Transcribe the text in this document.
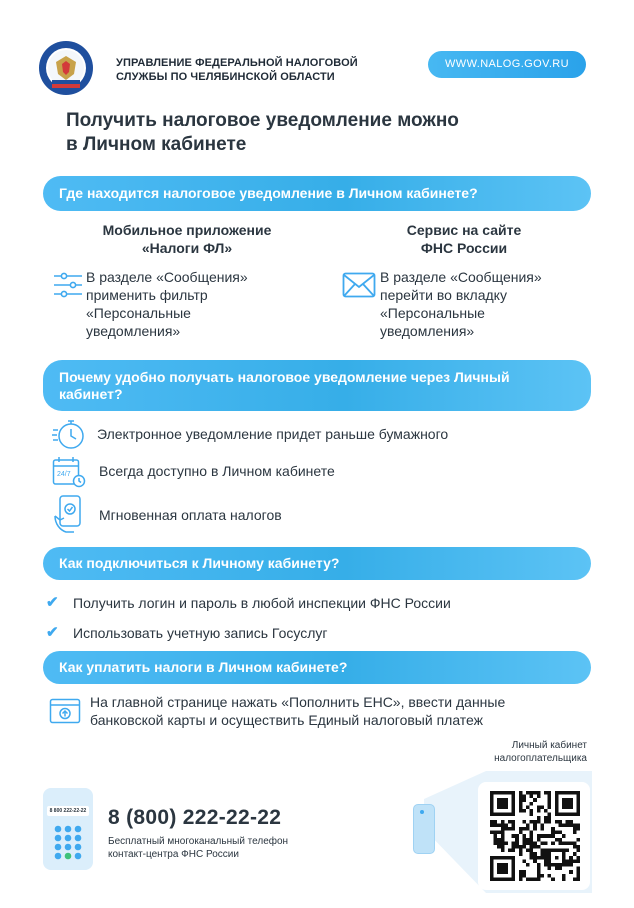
УПРАВЛЕНИЕ ФЕДЕРАЛЬНОЙ НАЛОГОВОЙ
СЛУЖБЫ ПО ЧЕЛЯБИНСКОЙ ОБЛАСТИ
WWW.NALOG.GOV.RU
Получить налоговое уведомление можно
в Личном кабинете
Где находится налоговое уведомление в Личном кабинете?
Мобильное приложение
«Налоги ФЛ»
Сервис на сайте
ФНС России
В разделе «Сообщения»
применить фильтр
«Персональные
уведомления»
В разделе «Сообщения»
перейти во вкладку
«Персональные
уведомления»
Почему удобно получать налоговое уведомление через Личный
кабинет?
Электронное уведомление придет раньше бумажного
24/7 Всегда доступно в Личном кабинете
Мгновенная оплата налогов
Как подключиться к Личному кабинету?
✔ Получить логин и пароль в любой инспекции ФНС России
✔ Использовать учетную запись Госуслуг
Как уплатить налоги в Личном кабинете?
На главной странице нажать «Пополнить ЕНС», ввести данные
банковской карты и осуществить Единый налоговый платеж
Личный кабинет
налогоплательщика
8 800 222-22-22 8 (800) 222-22-22
Бесплатный многоканальный телефон
контакт-центра ФНС России
